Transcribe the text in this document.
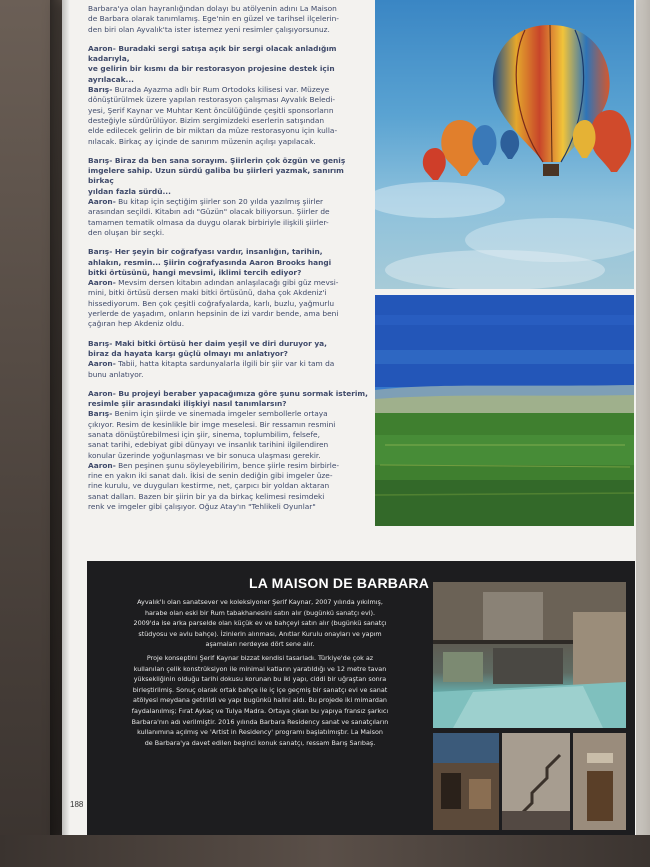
Barbara'ya olan hayranlığından dolayı bu atölyenin adını La Maison

de Barbara olarak tanımlamış. Ege'nin en güzel ve tarihsel ilçelerin-

den biri olan Ayvalık'ta ister istemez yeni resimler çalışıyorsunuz.

Aaron- Buradaki sergi satışa açık bir sergi olacak anladığım kadarıyla,

ve gelirin bir kısmı da bir restorasyon projesine destek için ayrılacak...

Barış- Burada Ayazma adlı bir Rum Ortodoks kilisesi var. Müzeye

dönüştürülmek üzere yapılan restorasyon çalışması Ayvalık Beledi-

yesi, Şerif Kaynar ve Muhtar Kent öncülüğünde çeşitli sponsorların

desteğiyle sürdürülüyor. Bizim sergimizdeki eserlerin satışından

elde edilecek gelirin de bir miktarı da müze restorasyonu için kulla-

nılacak. Birkaç ay içinde de sanırım müzenin açılışı yapılacak.

Barış- Biraz da ben sana sorayım. Şiirlerin çok özgün ve geniş

imgelere sahip. Uzun sürdü galiba bu şiirleri yazmak, sanırım birkaç

yıldan fazla sürdü...

Aaron- Bu kitap için seçtiğim şiirler son 20 yılda yazılmış şiirler

arasından seçildi. Kitabın adı "Güzün" olacak biliyorsun. Şiirler de

tamamen tematik olmasa da duygu olarak birbiriyle ilişkili şiirler-

den oluşan bir seçki.

Barış- Her şeyin bir coğrafyası vardır, insanlığın, tarihin,

ahlakın, resmin... Şiirin coğrafyasında Aaron Brooks hangi

bitki örtüsünü, hangi mevsimi, iklimi tercih ediyor?

Aaron- Mevsim dersen kitabın adından anlaşılacağı gibi güz mevsi-

mini, bitki örtüsü dersen maki bitki örtüsünü, daha çok Akdeniz'i

hissediyorum. Ben çok çeşitli coğrafyalarda, karlı, buzlu, yağmurlu

yerlerde de yaşadım, onların hepsinin de izi vardır bende, ama beni

çağıran hep Akdeniz oldu.

Barış- Maki bitki örtüsü her daim yeşil ve diri duruyor ya,

biraz da hayata karşı güçlü olmayı mı anlatıyor?

Aaron- Tabii, hatta kitapta sardunyalarla ilgili bir şiir var ki tam da

bunu anlatıyor.

Aaron- Bu projeyi beraber yapacağımıza göre şunu sormak isterim,

resimle şiir arasındaki ilişkiyi nasıl tanımlarsın?

Barış- Benim için şiirde ve sinemada imgeler sembollerle ortaya

çıkıyor. Resim de kesinlikle bir imge meselesi. Bir ressamın resmini

sanata dönüştürebilmesi için şiir, sinema, toplumbilim, felsefe,

sanat tarihi, edebiyat gibi dünyayı ve insanlık tarihini ilgilendiren

konular üzerinde yoğunlaşması ve bir sonuca ulaşması gerekir.

Aaron- Ben peşinen şunu söyleyebilirim, bence şiirle resim birbirle-

rine en yakın iki sanat dalı. İkisi de senin dediğin gibi imgeler üze-

rine kurulu, ve duyguları kestirme, net, çarpıcı bir yoldan aktaran

sanat dalları. Bazen bir şiirin bir ya da birkaç kelimesi resimdeki

renk ve imgeler gibi çalışıyor. Oğuz Atay'ın "Tehlikeli Oyunlar"

LA MAISON DE BARBARA

Ayvalık'lı olan sanatsever ve koleksiyoner Şerif Kaynar, 2007 yılında yıkılmış,
harabe olan eski bir Rum tabakhanesini satın alır (bugünkü sanatçı evi).
2009'da ise arka parselde olan küçük ev ve bahçeyi satın alır (bugünkü sanatçı
stüdyosu ve avlu bahçe). İzinlerin alınması, Anıtlar Kurulu onayları ve yapım
aşamaları nerdeyse dört sene alır.

Proje konseptini Şerif Kaynar bizzat kendisi tasarladı. Türkiye'de çok az
kullanılan çelik konstrüksiyon ile minimal katların yaratıldığı ve 12 metre tavan
yüksekliğinin olduğu tarihi dokusu korunan bu iki yapı, ciddi bir uğraştan sonra
birleştirilmiş. Sonuç olarak ortak bahçe ile iç içe geçmiş bir sanatçı evi ve sanat
atölyesi meydana getirildi ve yapı bugünkü halini aldı. Bu projede iki mimardan
faydalanılmış; Fırat Aykaç ve Tulya Madra. Ortaya çıkan bu yapıya fransız şarkıcı
Barbara'nın adı verilmiştir. 2016 yılında Barbara Residency sanat ve sanatçıların
kullanımına açılmış ve 'Artist in Residency' programı başlatılmıştır. La Maison
de Barbara'ya davet edilen beşinci konuk sanatçı, ressam Barış Sarıbaş.

188
